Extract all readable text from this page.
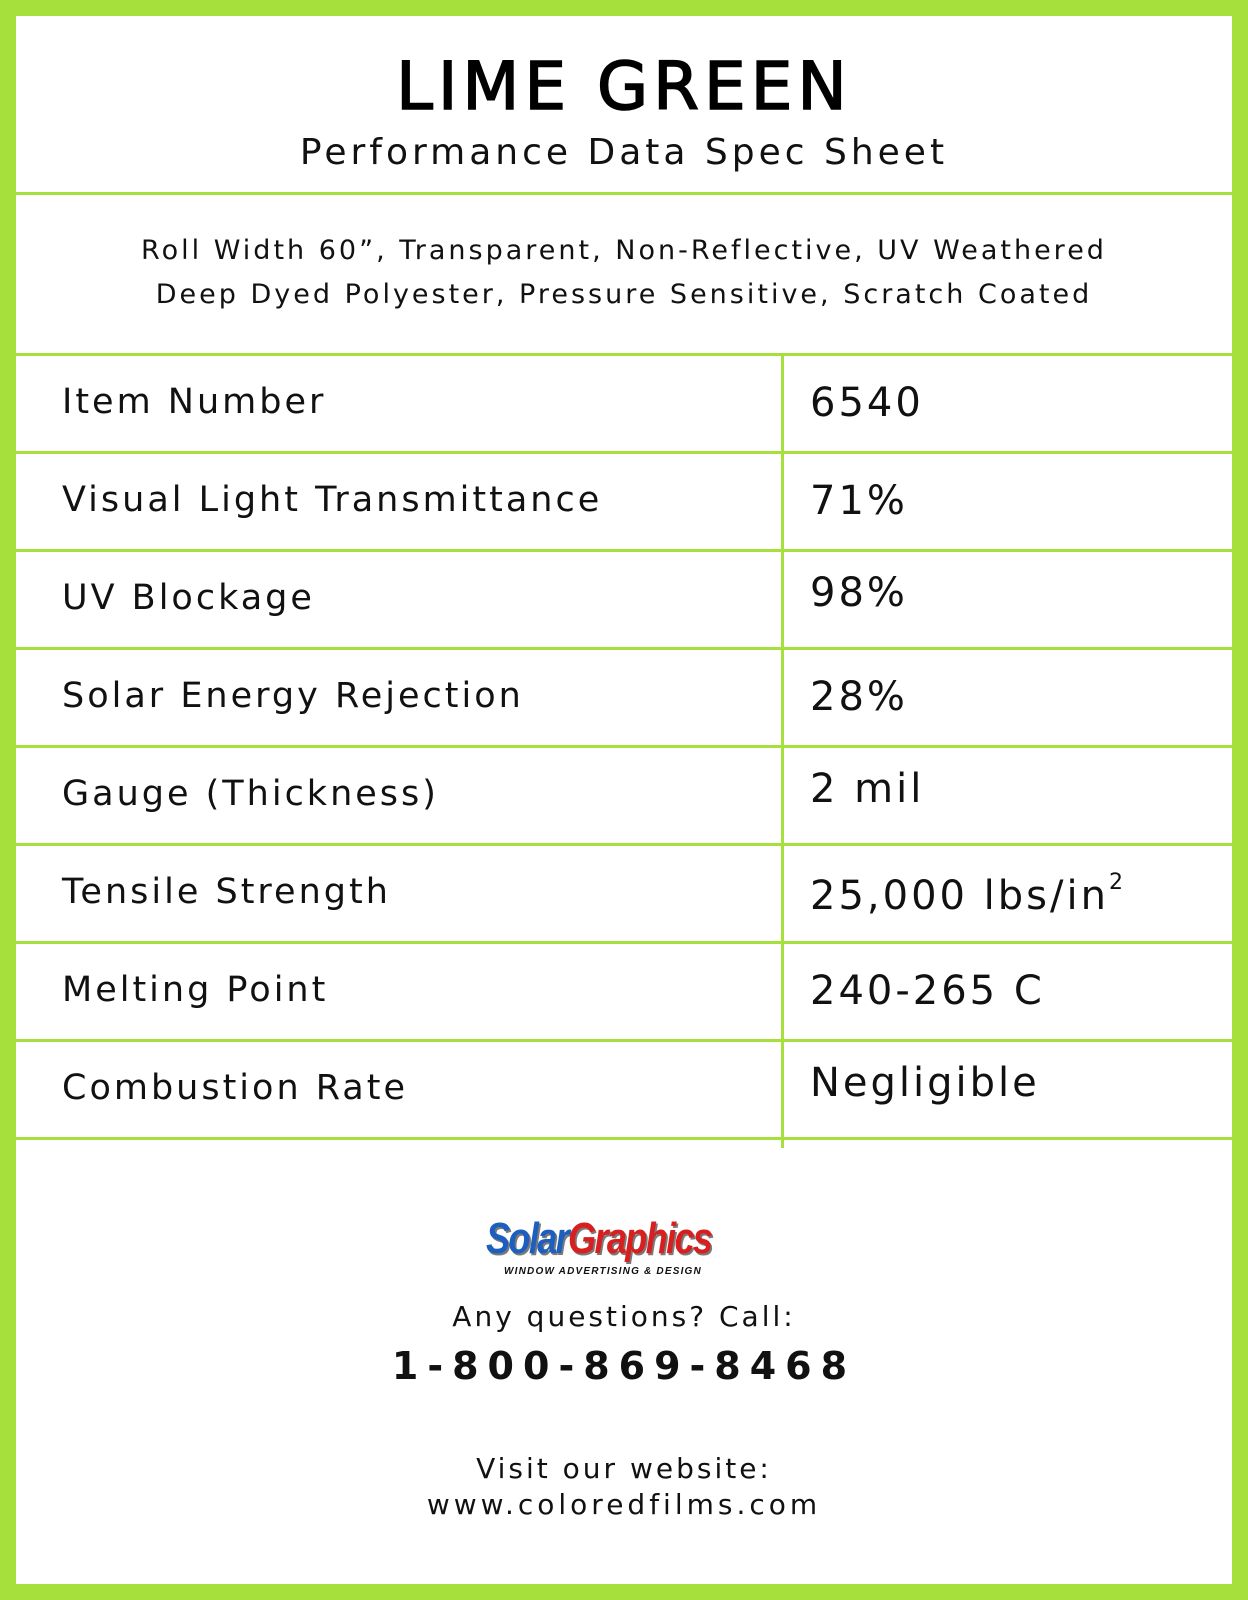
LIME GREEN
Performance Data Spec Sheet
Roll Width 60”, Transparent, Non-Reflective, UV Weathered
Deep Dyed Polyester, Pressure Sensitive, Scratch Coated
Item Number	6540
Visual Light Transmittance	71%
UV Blockage	98%
Solar Energy Rejection	28%
Gauge (Thickness)	2 mil
Tensile Strength	25,000 lbs/$in^2$
Melting Point	240-265 C
Combustion Rate	Negligible
SolarGraphics
WINDOW ADVERTISING & DESIGN
Any questions? Call:
1-800-869-8468
Visit our website:
www.coloredfilms.com
